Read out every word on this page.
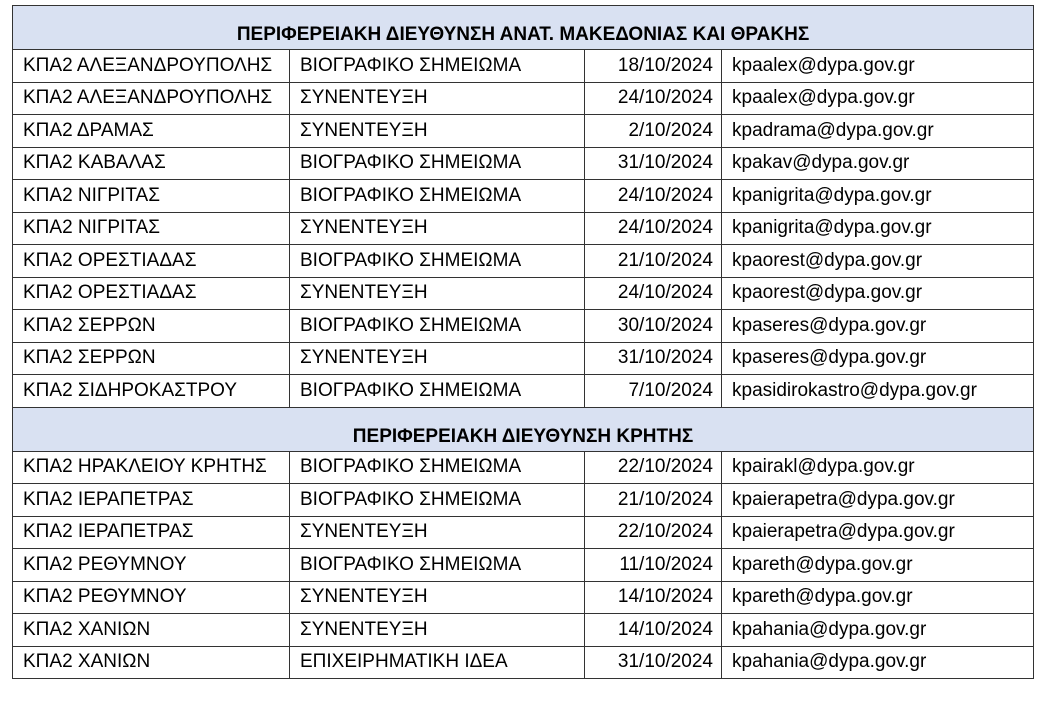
ΠΕΡΙΦΕΡΕΙΑΚΗ ΔΙΕΥΘΥΝΣΗ ΑΝΑΤ. ΜΑΚΕΔΟΝΙΑΣ ΚΑΙ ΘΡΑΚΗΣ			
ΚΠΑ2 ΑΛΕΞΑΝΔΡΟΥΠΟΛΗΣ	ΒΙΟΓΡΑΦΙΚΟ ΣΗΜΕΙΩΜΑ	18/10/2024	kpaalex@dypa.gov.gr
ΚΠΑ2 ΑΛΕΞΑΝΔΡΟΥΠΟΛΗΣ	ΣΥΝΕΝΤΕΥΞΗ	24/10/2024	kpaalex@dypa.gov.gr
ΚΠΑ2 ΔΡΑΜΑΣ	ΣΥΝΕΝΤΕΥΞΗ	2/10/2024	kpadrama@dypa.gov.gr
ΚΠΑ2 ΚΑΒΑΛΑΣ	ΒΙΟΓΡΑΦΙΚΟ ΣΗΜΕΙΩΜΑ	31/10/2024	kpakav@dypa.gov.gr
ΚΠΑ2 ΝΙΓΡΙΤΑΣ	ΒΙΟΓΡΑΦΙΚΟ ΣΗΜΕΙΩΜΑ	24/10/2024	kpanigrita@dypa.gov.gr
ΚΠΑ2 ΝΙΓΡΙΤΑΣ	ΣΥΝΕΝΤΕΥΞΗ	24/10/2024	kpanigrita@dypa.gov.gr
ΚΠΑ2 ΟΡΕΣΤΙΑΔΑΣ	ΒΙΟΓΡΑΦΙΚΟ ΣΗΜΕΙΩΜΑ	21/10/2024	kpaorest@dypa.gov.gr
ΚΠΑ2 ΟΡΕΣΤΙΑΔΑΣ	ΣΥΝΕΝΤΕΥΞΗ	24/10/2024	kpaorest@dypa.gov.gr
ΚΠΑ2 ΣΕΡΡΩΝ	ΒΙΟΓΡΑΦΙΚΟ ΣΗΜΕΙΩΜΑ	30/10/2024	kpaseres@dypa.gov.gr
ΚΠΑ2 ΣΕΡΡΩΝ	ΣΥΝΕΝΤΕΥΞΗ	31/10/2024	kpaseres@dypa.gov.gr
ΚΠΑ2 ΣΙΔΗΡΟΚΑΣΤΡΟΥ	ΒΙΟΓΡΑΦΙΚΟ ΣΗΜΕΙΩΜΑ	7/10/2024	kpasidirokastro@dypa.gov.gr
ΠΕΡΙΦΕΡΕΙΑΚΗ ΔΙΕΥΘΥΝΣΗ ΚΡΗΤΗΣ			
ΚΠΑ2 ΗΡΑΚΛΕΙΟΥ ΚΡΗΤΗΣ	ΒΙΟΓΡΑΦΙΚΟ ΣΗΜΕΙΩΜΑ	22/10/2024	kpairakl@dypa.gov.gr
ΚΠΑ2 ΙΕΡΑΠΕΤΡΑΣ	ΒΙΟΓΡΑΦΙΚΟ ΣΗΜΕΙΩΜΑ	21/10/2024	kpaierapetra@dypa.gov.gr
ΚΠΑ2 ΙΕΡΑΠΕΤΡΑΣ	ΣΥΝΕΝΤΕΥΞΗ	22/10/2024	kpaierapetra@dypa.gov.gr
ΚΠΑ2 ΡΕΘΥΜΝΟΥ	ΒΙΟΓΡΑΦΙΚΟ ΣΗΜΕΙΩΜΑ	11/10/2024	kpareth@dypa.gov.gr
ΚΠΑ2 ΡΕΘΥΜΝΟΥ	ΣΥΝΕΝΤΕΥΞΗ	14/10/2024	kpareth@dypa.gov.gr
ΚΠΑ2 ΧΑΝΙΩΝ	ΣΥΝΕΝΤΕΥΞΗ	14/10/2024	kpahania@dypa.gov.gr
ΚΠΑ2 ΧΑΝΙΩΝ	ΕΠΙΧΕΙΡΗΜΑΤΙΚΗ ΙΔΕΑ	31/10/2024	kpahania@dypa.gov.gr
